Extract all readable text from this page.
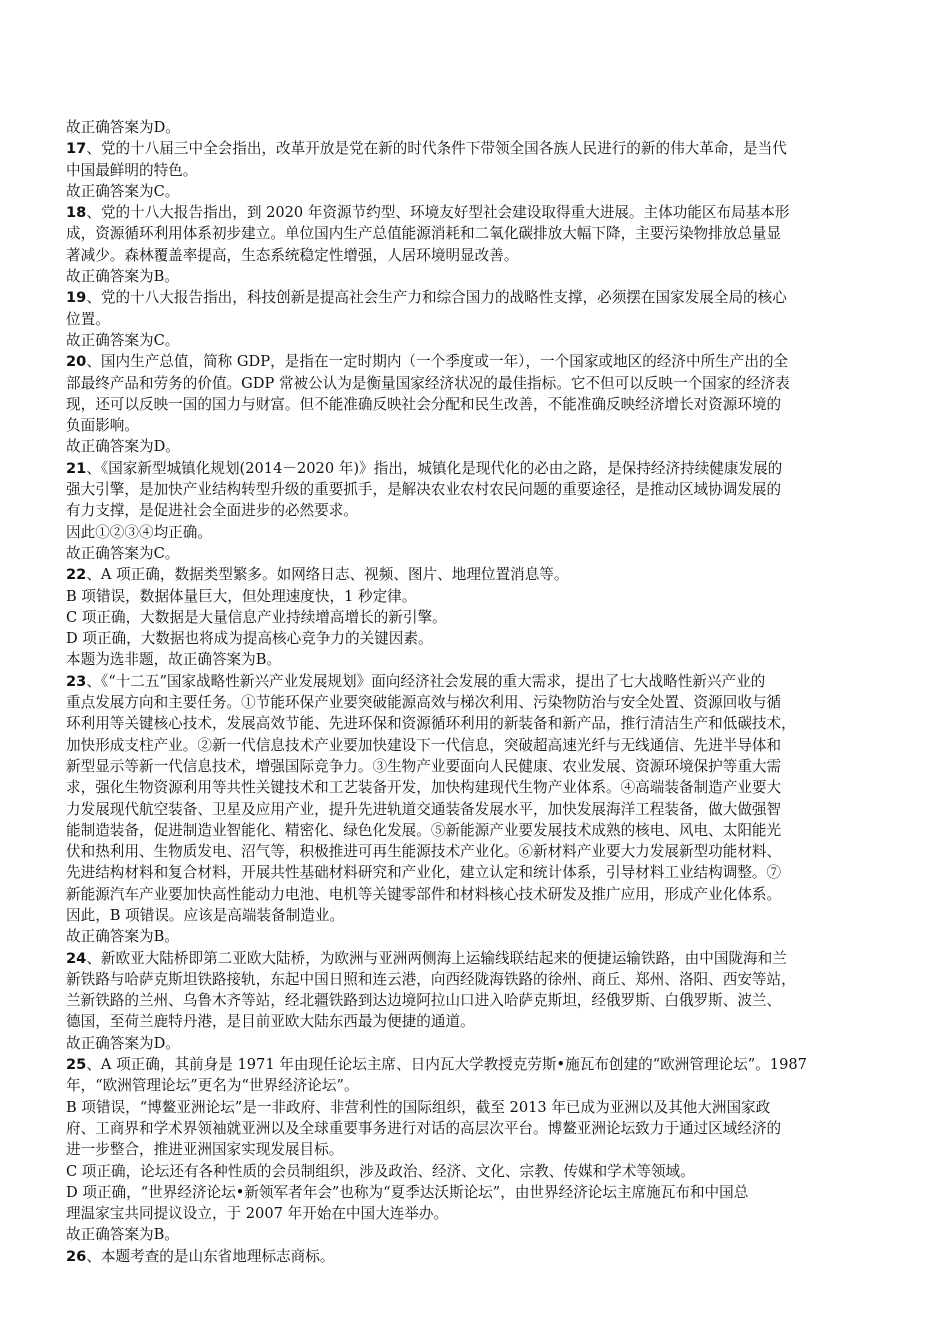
故正确答案为D。
17、党的十八届三中全会指出，改革开放是党在新的时代条件下带领全国各族人民进行的新的伟大革命，是当代
中国最鲜明的特色。
故正确答案为C。
18、党的十八大报告指出，到 2020 年资源节约型、环境友好型社会建设取得重大进展。主体功能区布局基本形
成，资源循环利用体系初步建立。单位国内生产总值能源消耗和二氧化碳排放大幅下降，主要污染物排放总量显
著减少。森林覆盖率提高，生态系统稳定性增强，人居环境明显改善。
故正确答案为B。
19、党的十八大报告指出，科技创新是提高社会生产力和综合国力的战略性支撑，必须摆在国家发展全局的核心
位置。
故正确答案为C。
20、国内生产总值，简称 GDP，是指在一定时期内（一个季度或一年），一个国家或地区的经济中所生产出的全
部最终产品和劳务的价值。GDP 常被公认为是衡量国家经济状况的最佳指标。它不但可以反映一个国家的经济表
现，还可以反映一国的国力与财富。但不能准确反映社会分配和民生改善，不能准确反映经济增长对资源环境的
负面影响。
故正确答案为D。
21、《国家新型城镇化规划(2014－2020 年)》指出，城镇化是现代化的必由之路，是保持经济持续健康发展的
强大引擎，是加快产业结构转型升级的重要抓手，是解决农业农村农民问题的重要途径，是推动区域协调发展的
有力支撑，是促进社会全面进步的必然要求。
因此①②③④均正确。
故正确答案为C。
22、A 项正确，数据类型繁多。如网络日志、视频、图片、地理位置消息等。
B 项错误，数据体量巨大，但处理速度快，1 秒定律。
C 项正确，大数据是大量信息产业持续增高增长的新引擎。
D 项正确，大数据也将成为提高核心竞争力的关键因素。
本题为选非题，故正确答案为B。
23、《“十二五”国家战略性新兴产业发展规划》面向经济社会发展的重大需求，提出了七大战略性新兴产业的
重点发展方向和主要任务。①节能环保产业要突破能源高效与梯次利用、污染物防治与安全处置、资源回收与循
环利用等关键核心技术，发展高效节能、先进环保和资源循环利用的新装备和新产品，推行清洁生产和低碳技术，
加快形成支柱产业。②新一代信息技术产业要加快建设下一代信息，突破超高速光纤与无线通信、先进半导体和
新型显示等新一代信息技术，增强国际竞争力。③生物产业要面向人民健康、农业发展、资源环境保护等重大需
求，强化生物资源利用等共性关键技术和工艺装备开发，加快构建现代生物产业体系。④高端装备制造产业要大
力发展现代航空装备、卫星及应用产业，提升先进轨道交通装备发展水平，加快发展海洋工程装备，做大做强智
能制造装备，促进制造业智能化、精密化、绿色化发展。⑤新能源产业要发展技术成熟的核电、风电、太阳能光
伏和热利用、生物质发电、沼气等，积极推进可再生能源技术产业化。⑥新材料产业要大力发展新型功能材料、
先进结构材料和复合材料，开展共性基础材料研究和产业化，建立认定和统计体系，引导材料工业结构调整。⑦
新能源汽车产业要加快高性能动力电池、电机等关键零部件和材料核心技术研发及推广应用，形成产业化体系。
因此，B 项错误。应该是高端装备制造业。
故正确答案为B。
24、新欧亚大陆桥即第二亚欧大陆桥，为欧洲与亚洲两侧海上运输线联结起来的便捷运输铁路，由中国陇海和兰
新铁路与哈萨克斯坦铁路接轨，东起中国日照和连云港，向西经陇海铁路的徐州、商丘、郑州、洛阳、西安等站，
兰新铁路的兰州、乌鲁木齐等站，经北疆铁路到达边境阿拉山口进入哈萨克斯坦，经俄罗斯、白俄罗斯、波兰、
德国，至荷兰鹿特丹港，是目前亚欧大陆东西最为便捷的通道。
故正确答案为D。
25、A 项正确，其前身是 1971 年由现任论坛主席、日内瓦大学教授克劳斯•施瓦布创建的“欧洲管理论坛”。1987
年，“欧洲管理论坛”更名为“世界经济论坛”。
B 项错误，“博鳌亚洲论坛”是一非政府、非营利性的国际组织，截至 2013 年已成为亚洲以及其他大洲国家政
府、工商界和学术界领袖就亚洲以及全球重要事务进行对话的高层次平台。博鳌亚洲论坛致力于通过区域经济的
进一步整合，推进亚洲国家实现发展目标。
C 项正确，论坛还有各种性质的会员制组织，涉及政治、经济、文化、宗教、传媒和学术等领域。
D 项正确，“世界经济论坛•新领军者年会”也称为“夏季达沃斯论坛”，由世界经济论坛主席施瓦布和中国总
理温家宝共同提议设立，于 2007 年开始在中国大连举办。
故正确答案为B。
26、本题考查的是山东省地理标志商标。
